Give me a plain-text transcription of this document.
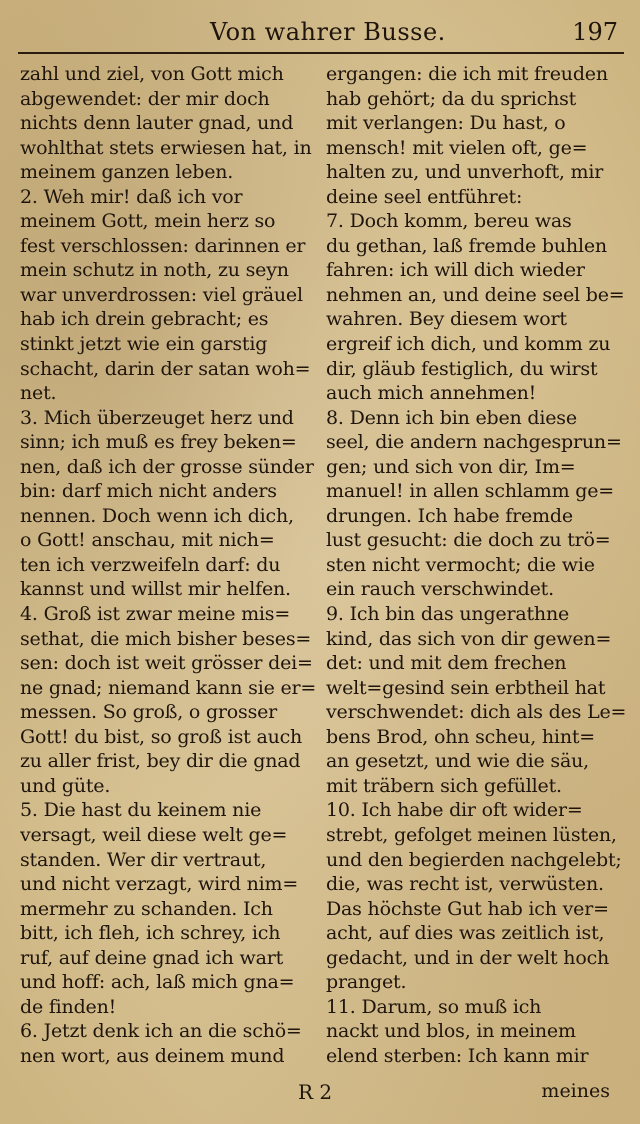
Von wahrer Busse.	197
zahl und ziel, von Gott mich
abgewendet: der mir doch
nichts denn lauter gnad, und
wohlthat stets erwiesen hat, in
meinem ganzen leben.
2. Weh mir! daß ich vor
meinem Gott, mein herz so
fest verschlossen: darinnen er
mein schutz in noth, zu seyn
war unverdrossen: viel gräuel
hab ich drein gebracht; es
stinkt jetzt wie ein garstig
schacht, darin der satan woh=
net.
3. Mich überzeuget herz und
sinn; ich muß es frey beken=
nen, daß ich der grosse sünder
bin: darf mich nicht anders
nennen. Doch wenn ich dich,
o Gott! anschau, mit nich=
ten ich verzweifeln darf: du
kannst und willst mir helfen.
4. Groß ist zwar meine mis=
sethat, die mich bisher beses=
sen: doch ist weit grösser dei=
ne gnad; niemand kann sie er=
messen. So groß, o grosser
Gott! du bist, so groß ist auch
zu aller frist, bey dir die gnad
und güte.
5. Die hast du keinem nie
versagt, weil diese welt ge=
standen. Wer dir vertraut,
und nicht verzagt, wird nim=
mermehr zu schanden. Ich
bitt, ich fleh, ich schrey, ich
ruf, auf deine gnad ich wart
und hoff: ach, laß mich gna=
de finden!
6. Jetzt denk ich an die schö=
nen wort, aus deinem mund
ergangen: die ich mit freuden
hab gehört; da du sprichst
mit verlangen: Du hast, o
mensch! mit vielen oft, ge=
halten zu, und unverhoft, mir
deine seel entführet:
7. Doch komm, bereu was
du gethan, laß fremde buhlen
fahren: ich will dich wieder
nehmen an, und deine seel be=
wahren. Bey diesem wort
ergreif ich dich, und komm zu
dir, gläub festiglich, du wirst
auch mich annehmen!
8. Denn ich bin eben diese
seel, die andern nachgesprun=
gen; und sich von dir, Im=
manuel! in allen schlamm ge=
drungen. Ich habe fremde
lust gesucht: die doch zu trö=
sten nicht vermocht; die wie
ein rauch verschwindet.
9. Ich bin das ungerathne
kind, das sich von dir gewen=
det: und mit dem frechen
welt=gesind sein erbtheil hat
verschwendet: dich als des Le=
bens Brod, ohn scheu, hint=
an gesetzt, und wie die säu,
mit träbern sich gefüllet.
10. Ich habe dir oft wider=
strebt, gefolget meinen lüsten,
und den begierden nachgelebt;
die, was recht ist, verwüsten.
Das höchste Gut hab ich ver=
acht, auf dies was zeitlich ist,
gedacht, und in der welt hoch
pranget.
11. Darum, so muß ich
nackt und blos, in meinem
elend sterben: Ich kann mir
R 2	meines
